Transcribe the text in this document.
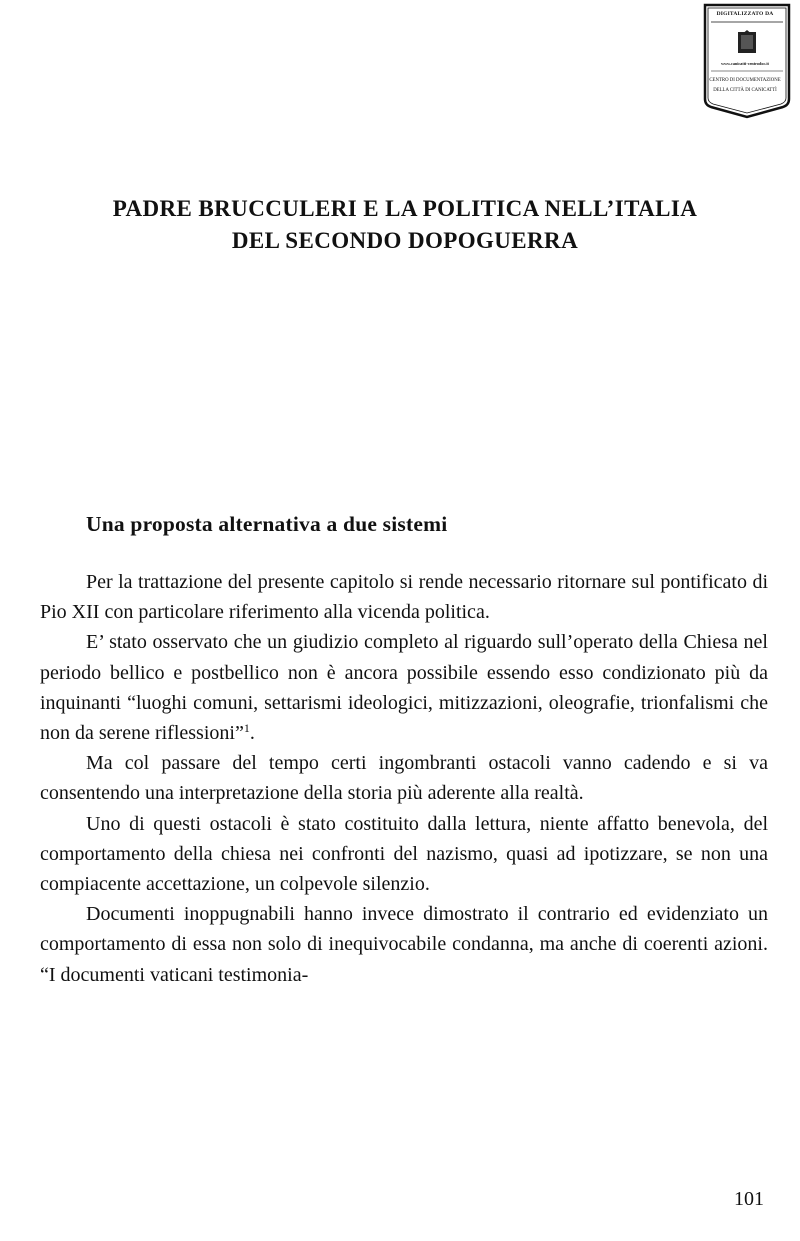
DIGITALIZZATO DA
www.canicatti-centrodoc.it
CENTRO DI DOCUMENTAZIONE
DELLA CITTÀ DI CANICATTÌ
PADRE BRUCCULERI E LA POLITICA NELL’ITALIA
DEL SECONDO DOPOGUERRA
Una proposta alternativa a due sistemi

Per la trattazione del presente capitolo si rende necessario ritornare sul pontificato di Pio XII con particolare riferimento alla vicenda politica.

E’ stato osservato che un giudizio completo al riguardo sull’operato della Chiesa nel periodo bellico e postbellico non è ancora possibile essendo esso condizionato più da inquinanti “luoghi comuni, settarismi ideologici, mitizzazioni, oleografie, trionfalismi che non da serene riflessioni”$^1$.

Ma col passare del tempo certi ingombranti ostacoli vanno cadendo e si va consentendo una interpretazione della storia più aderente alla realtà.

Uno di questi ostacoli è stato costituito dalla lettura, niente affatto benevola, del comportamento della chiesa nei confronti del nazismo, quasi ad ipotizzare, se non una compiacente accettazione, un colpevole silenzio.

Documenti inoppugnabili hanno invece dimostrato il contrario ed evidenziato un comportamento di essa non solo di inequivocabile condanna, ma anche di coerenti azioni. “I documenti vaticani testimonia-

101
